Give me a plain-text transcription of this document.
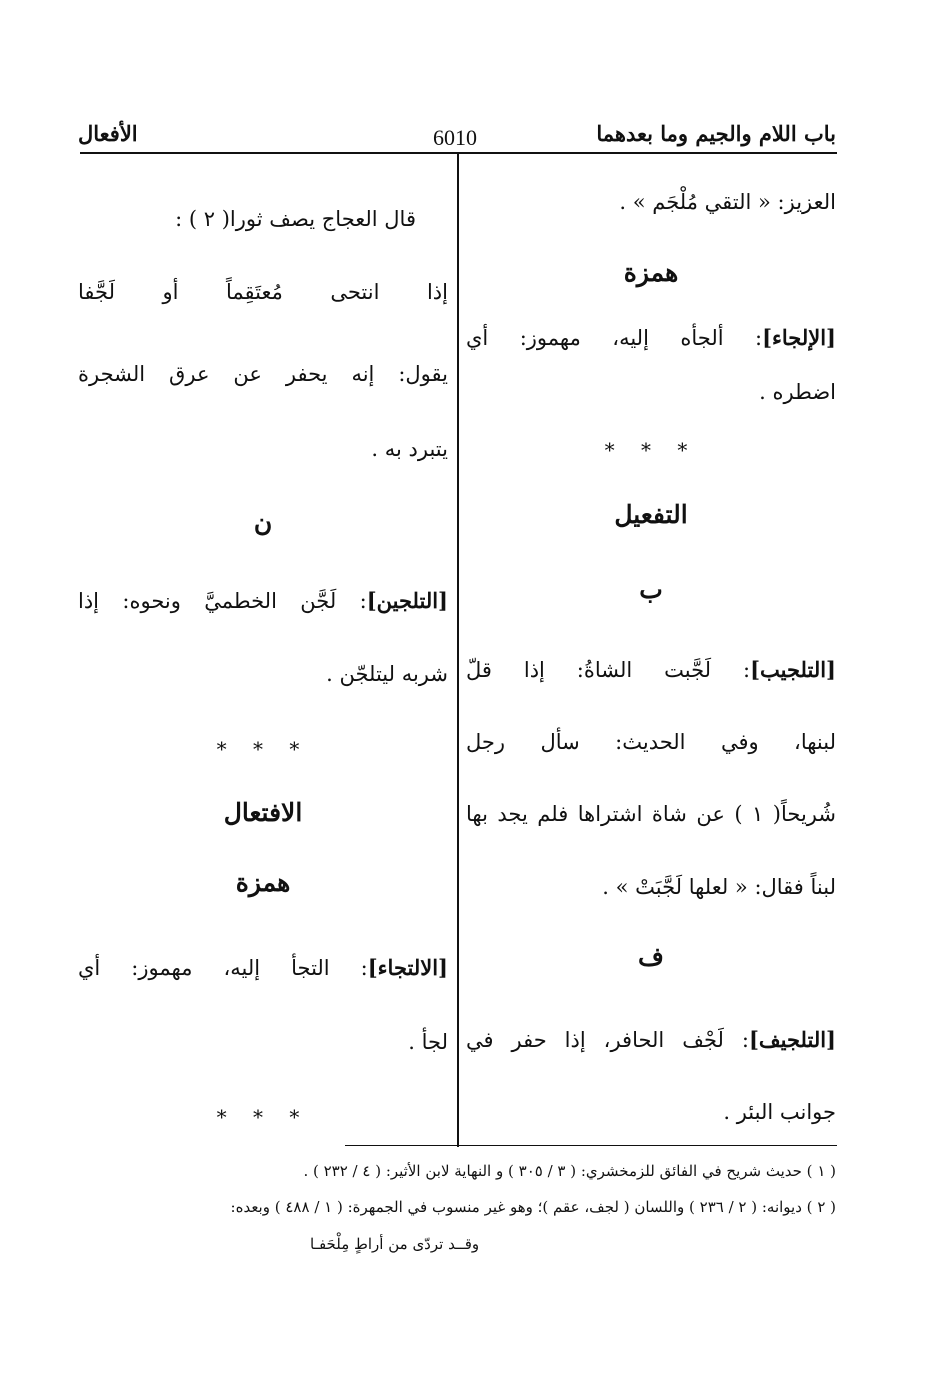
باب اللام والجيم وما بعدهما
6010
الأفعال
العزيز: « التقي مُلْجَم » .
همزة
[الإلجاء]: ألجأه إليه، مهموز: أي
اضطره .
* * *
التفعيل
ب
[التلجيب]: لَجَّبت الشاةُ: إذا قلّ
لبنها، وفي الحديث: سأل رجل
شُريحاً( ١ ) عن شاة اشتراها فلم يجد بها
لبناً فقال: « لعلها لَجَّبَتْ » .
ف
[التلجيف]: لَجْف الحافر، إذا حفر في
جوانب البئر .
قال العجاج يصف ثورا( ٢ ) :
إذا انتحى مُعتَقِماً أو لَجَّفا
يقول: إنه يحفر عن عرق الشجرة
يتبرد به .
ن
[التلجين]: لَجَّن الخطميَّ ونحوه: إذا
شربه ليتلجّن .
* * *
الافتعال
همزة
[الالتجاء]: التجأ إليه، مهموز: أي
لجأ .
* * *
( ١ ) حديث شريح في الفائق للزمخشري: ( ٣ / ٣٠٥ ) و النهاية لابن الأثير: ( ٤ / ٢٣٢ ) .
( ٢ ) ديوانه: ( ٢ / ٢٣٦ ) واللسان ( لجف، عقم )؛ وهو غير منسوب في الجمهرة: ( ١ / ٤٨٨ ) وبعده:
وقــد تردّى من أراطٍ مِلْحَفـا
